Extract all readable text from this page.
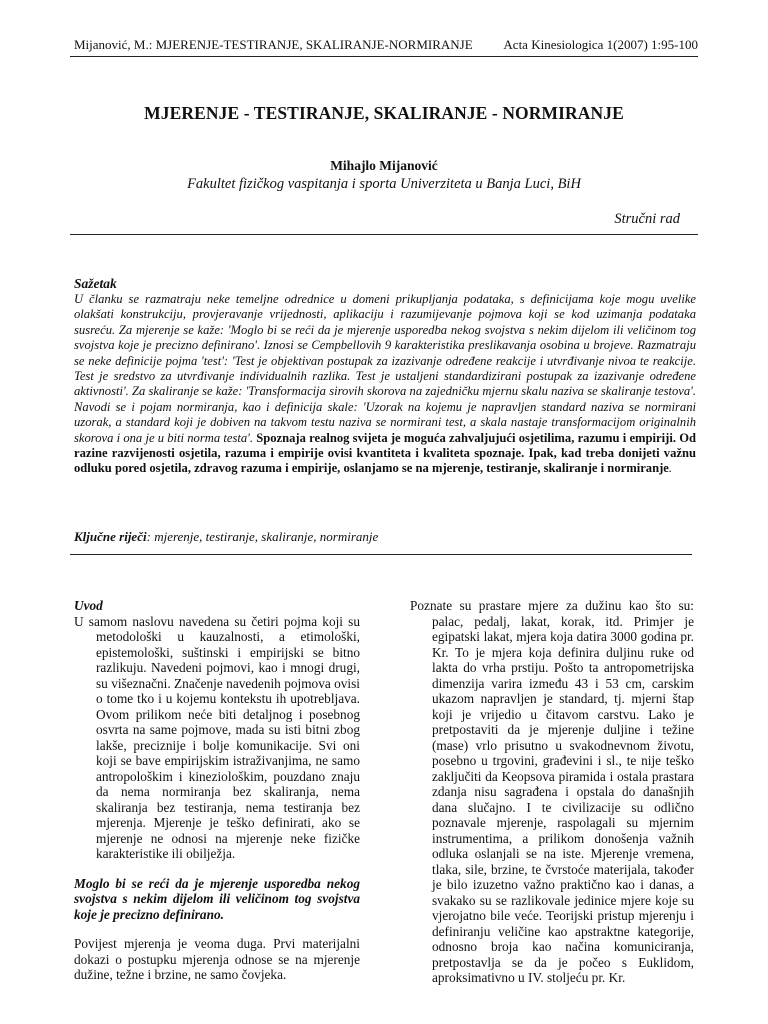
Mijanović, M.: MJERENJE-TESTIRANJE, SKALIRANJE-NORMIRANJE Acta Kinesiologica 1(2007) 1:95-100
MJERENJE - TESTIRANJE, SKALIRANJE - NORMIRANJE
Mihajlo Mijanović
Fakultet fizičkog vaspitanja i sporta Univerziteta u Banja Luci, BiH
Stručni rad
Sažetak
U članku se razmatraju neke temeljne odrednice u domeni prikupljanja podataka, s definicijama koje mogu uvelike olakšati konstrukciju, provjeravanje vrijednosti, aplikaciju i razumijevanje pojmova koji se kod uzimanja podataka susreću. Za mjerenje se kaže: 'Moglo bi se reći da je mjerenje usporedba nekog svojstva s nekim dijelom ili veličinom tog svojstva koje je precizno definirano'. Iznosi se Cempbellovih 9 karakteristika preslikavanja osobina u brojeve. Razmatraju se neke definicije pojma 'test': 'Test je objektivan postupak za izazivanje određene reakcije i utvrđivanje nivoa te reakcije. Test je sredstvo za utvrđivanje individualnih razlika. Test je ustaljeni standardizirani postupak za izazivanje određene aktivnosti'. Za skaliranje se kaže: 'Transformacija sirovih skorova na zajedničku mjernu skalu naziva se skaliranje testova'. Navodi se i pojam normiranja, kao i definicija skale: 'Uzorak na kojemu je napravljen standard naziva se normirani uzorak, a standard koji je dobiven na takvom testu naziva se normirani test, a skala nastaje transformacijom originalnih skorova i ona je u biti norma testa'. Spoznaja realnog svijeta je moguća zahvaljujući osjetilima, razumu i empiriji. Od razine razvijenosti osjetila, razuma i empirije ovisi kvantiteta i kvaliteta spoznaje. Ipak, kad treba donijeti važnu odluku pored osjetila, zdravog razuma i empirije, oslanjamo se na mjerenje, testiranje, skaliranje i normiranje.
Ključne riječi: mjerenje, testiranje, skaliranje, normiranje

Uvod

U samom naslovu navedena su četiri pojma koji su metodološki u kauzalnosti, a etimološki, epistemološki, suštinski i empirijski se bitno razlikuju. Navedeni pojmovi, kao i mnogi drugi, su višeznačni. Značenje navedenih pojmova ovisi o tome tko i u kojemu kontekstu ih upotrebljava. Ovom prilikom neće biti detaljnog i posebnog osvrta na same pojmove, mada su isti bitni zbog lakše, preciznije i bolje komunikacije. Svi oni koji se bave empirijskim istraživanjima, ne samo antropološkim i kineziološkim, pouzdano znaju da nema normiranja bez skaliranja, nema skaliranja bez testiranja, nema testiranja bez mjerenja. Mjerenje je teško definirati, ako se mjerenje ne odnosi na mjerenje neke fizičke karakteristike ili obilježja.

Moglo bi se reći da je mjerenje usporedba nekog svojstva s nekim dijelom ili veličinom tog svojstva koje je precizno definirano.

Povijest mjerenja je veoma duga. Prvi materijalni dokazi o postupku mjerenja odnose se na mjerenje dužine, težne i brzine, ne samo čovjeka.

Poznate su prastare mjere za dužinu kao što su: palac, pedalj, lakat, korak, itd. Primjer je egipatski lakat, mjera koja datira 3000 godina pr. Kr. To je mjera koja definira duljinu ruke od lakta do vrha prstiju. Pošto ta antropometrijska dimenzija varira između 43 i 53 cm, carskim ukazom napravljen je standard, tj. mjerni štap koji je vrijedio u čitavom carstvu. Lako je pretpostaviti da je mjerenje duljine i težine (mase) vrlo prisutno u svakodnevnom životu, posebno u trgovini, građevini i sl., te nije teško zaključiti da Keopsova piramida i ostala prastara zdanja nisu sagrađena i opstala do današnjih dana slučajno. I te civilizacije su odlično poznavale mjerenje, raspolagali su mjernim instrumentima, a prilikom donošenja važnih odluka oslanjali se na iste. Mjerenje vremena, tlaka, sile, brzine, te čvrstoće materijala, također je bilo izuzetno važno praktično kao i danas, a svakako su se razlikovale jedinice mjere koje su vjerojatno bile veće. Teorijski pristup mjerenju i definiranju veličine kao apstraktne kategorije, odnosno broja kao načina komuniciranja, pretpostavlja se da je počeo s Euklidom, aproksimativno u IV. stoljeću pr. Kr.
